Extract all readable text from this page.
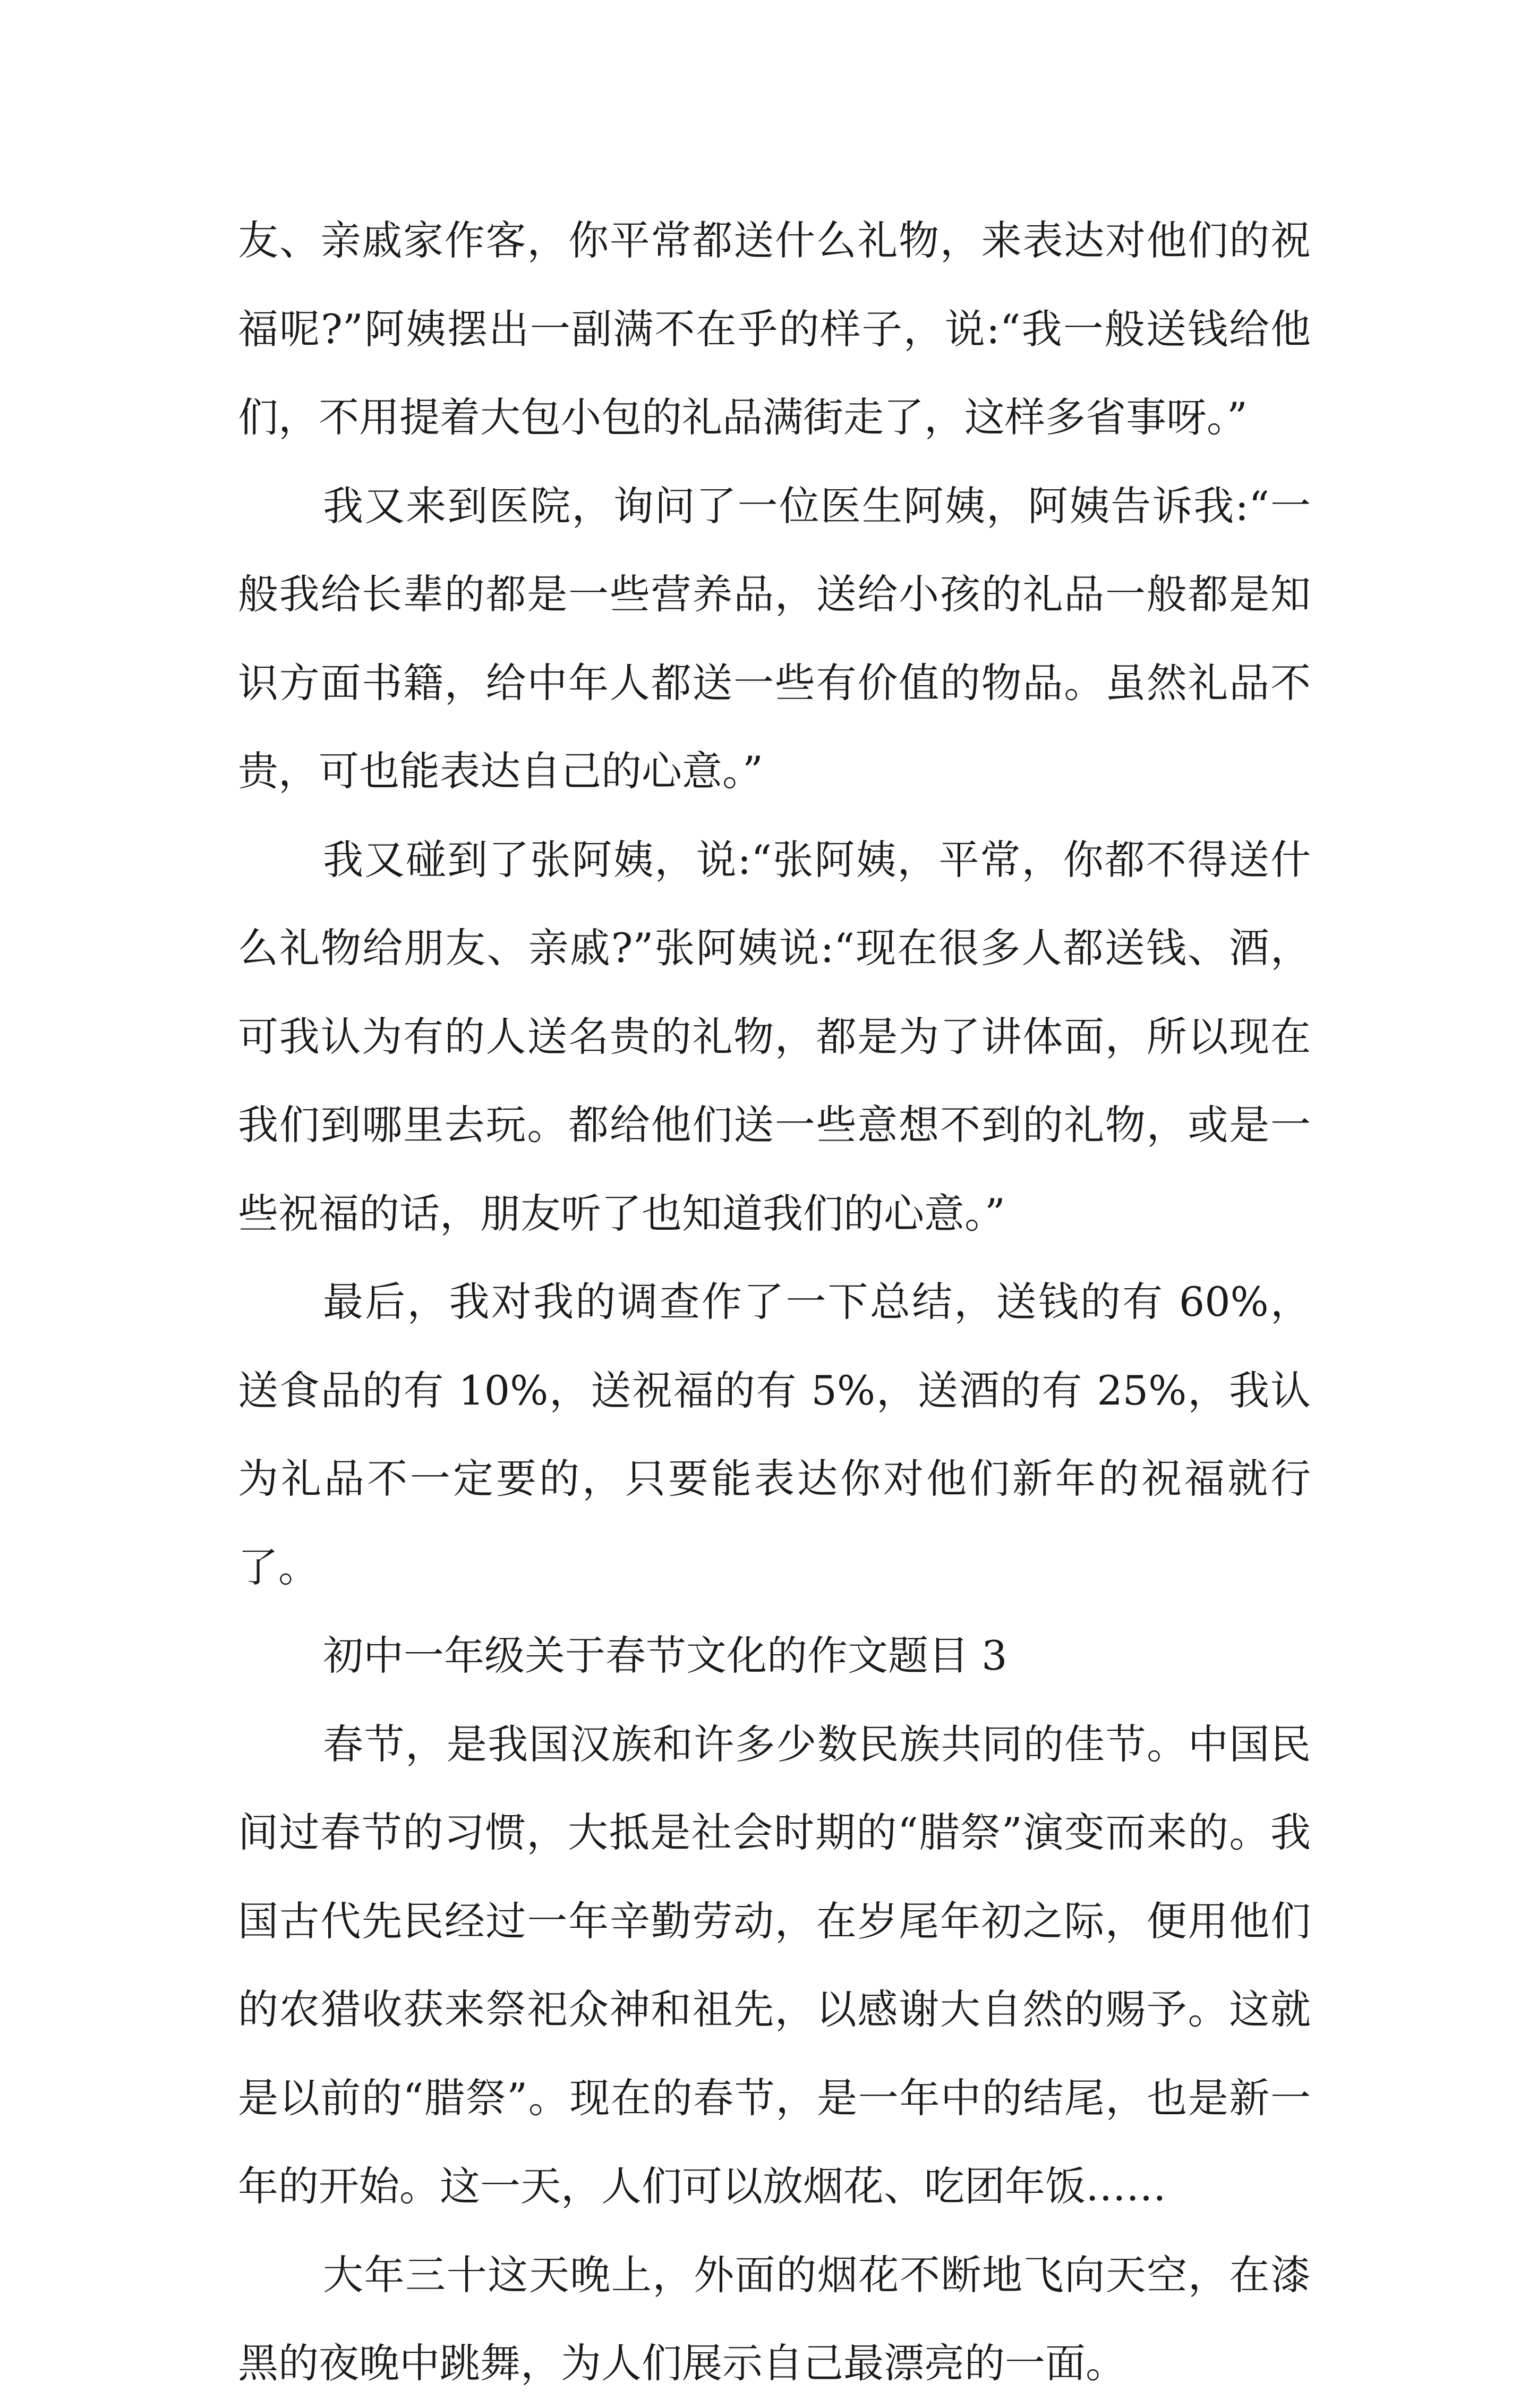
友、亲戚家作客，你平常都送什么礼物，来表达对他们的祝福呢?”阿姨摆出一副满不在乎的样子，说:“我一般送钱给他们，不用提着大包小包的礼品满街走了，这样多省事呀。”

我又来到医院，询问了一位医生阿姨，阿姨告诉我:“一般我给长辈的都是一些营养品，送给小孩的礼品一般都是知识方面书籍，给中年人都送一些有价值的物品。虽然礼品不贵，可也能表达自己的心意。”

我又碰到了张阿姨，说:“张阿姨，平常，你都不得送什么礼物给朋友、亲戚?”张阿姨说:“现在很多人都送钱、酒，可我认为有的人送名贵的礼物，都是为了讲体面，所以现在我们到哪里去玩。都给他们送一些意想不到的礼物，或是一些祝福的话，朋友听了也知道我们的心意。”

最后，我对我的调查作了一下总结，送钱的有 60%，送食品的有 10%，送祝福的有 5%，送酒的有 25%，我认为礼品不一定要的，只要能表达你对他们新年的祝福就行了。

初中一年级关于春节文化的作文题目 3

春节，是我国汉族和许多少数民族共同的佳节。中国民间过春节的习惯，大抵是社会时期的“腊祭”演变而来的。我国古代先民经过一年辛勤劳动，在岁尾年初之际，便用他们的农猎收获来祭祀众神和祖先，以感谢大自然的赐予。这就是以前的“腊祭”。现在的春节，是一年中的结尾，也是新一年的开始。这一天，人们可以放烟花、吃团年饭……

大年三十这天晚上，外面的烟花不断地飞向天空，在漆黑的夜晚中跳舞，为人们展示自己最漂亮的一面。
